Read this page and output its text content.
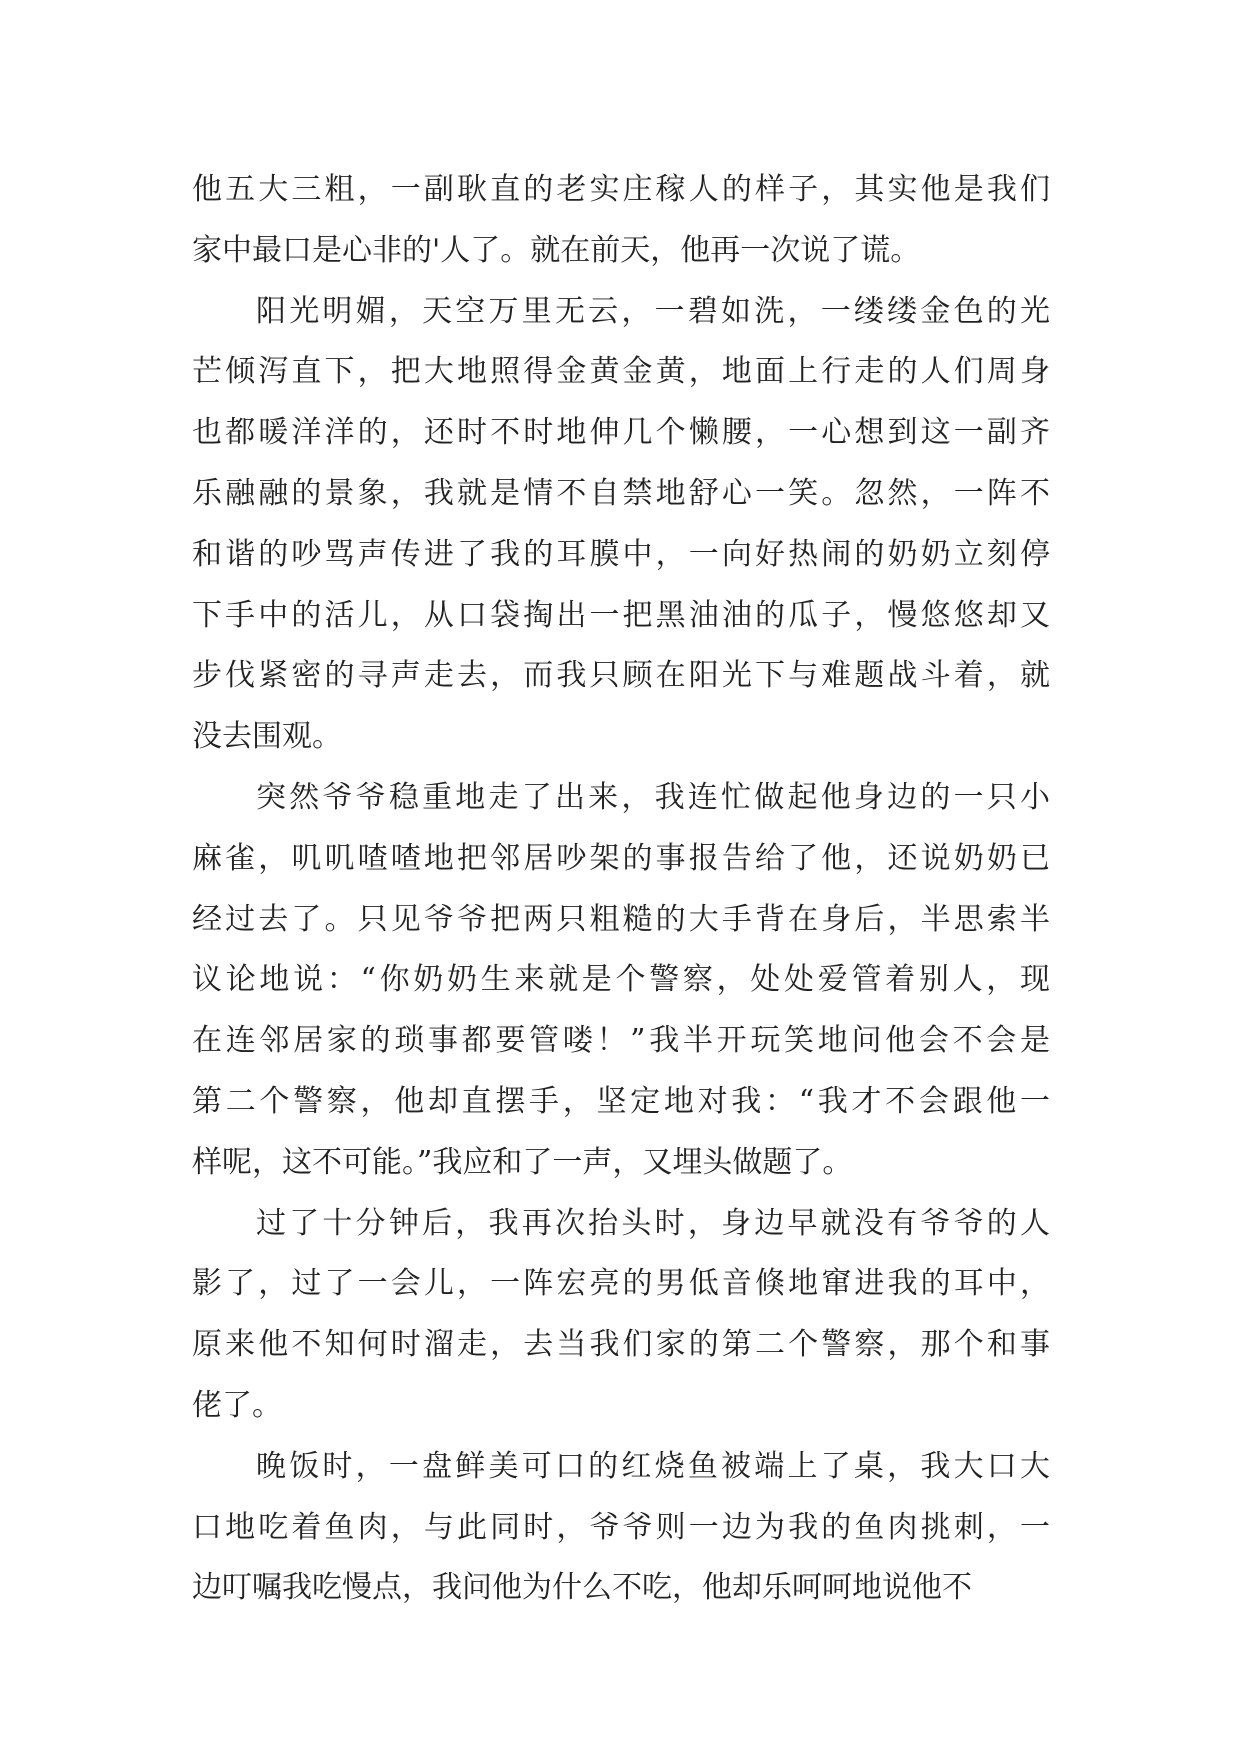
他五大三粗，一副耿直的老实庄稼人的样子，其实他是我们
家中最口是心非的'人了。就在前天，他再一次说了谎。
阳光明媚，天空万里无云，一碧如洗，一缕缕金色的光
芒倾泻直下，把大地照得金黄金黄，地面上行走的人们周身
也都暖洋洋的，还时不时地伸几个懒腰，一心想到这一副齐
乐融融的景象，我就是情不自禁地舒心一笑。忽然，一阵不
和谐的吵骂声传进了我的耳膜中，一向好热闹的奶奶立刻停
下手中的活儿，从口袋掏出一把黑油油的瓜子，慢悠悠却又
步伐紧密的寻声走去，而我只顾在阳光下与难题战斗着，就
没去围观。
突然爷爷稳重地走了出来，我连忙做起他身边的一只小
麻雀，叽叽喳喳地把邻居吵架的事报告给了他，还说奶奶已
经过去了。只见爷爷把两只粗糙的大手背在身后，半思索半
议论地说：“你奶奶生来就是个警察，处处爱管着别人，现
在连邻居家的琐事都要管喽！”我半开玩笑地问他会不会是
第二个警察，他却直摆手，坚定地对我：“我才不会跟他一
样呢，这不可能。”我应和了一声，又埋头做题了。
过了十分钟后，我再次抬头时，身边早就没有爷爷的人
影了，过了一会儿，一阵宏亮的男低音倏地窜进我的耳中，
原来他不知何时溜走，去当我们家的第二个警察，那个和事
佬了。
晚饭时，一盘鲜美可口的红烧鱼被端上了桌，我大口大
口地吃着鱼肉，与此同时，爷爷则一边为我的鱼肉挑刺，一
边叮嘱我吃慢点，我问他为什么不吃，他却乐呵呵地说他不
